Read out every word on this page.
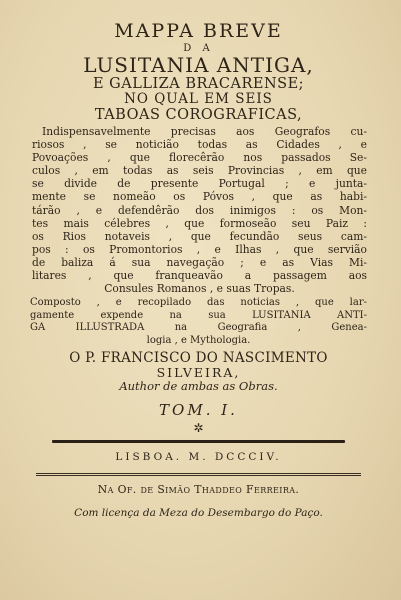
MAPPA BREVE
D A
LUSITANIA ANTIGA,
E GALLIZA BRACARENSE;
NO QUAL EM SEIS
TABOAS COROGRAFICAS,
Indispensavelmente precisas aos Geografos cu-
riosos , se noticião todas as Cidades , e
Povoações , que florecêrão nos passados Se-
culos , em todas as seis Provincias , em que
se divide de presente Portugal ; e junta-
mente se nomeão os Póvos , que as habi-
tárão , e defendêrão dos inimigos : os Mon-
tes mais célebres , que formoseão seu Paiz :
os Rios notaveis , que fecundão seus cam-
pos : os Promontorios , e Ilhas , que servião
de baliza á sua navegação ; e as Vias Mi-
litares , que franqueavão a passagem aos
Consules Romanos , e suas Tropas.
Composto , e recopilado das noticias , que lar-
gamente expende na sua LUSITANIA ANTI-
GA ILLUSTRADA na Geografia , Genea-
logia , e Mythologia.
O P. FRANCISCO DO NASCIMENTO
SILVEIRA,
Author de ambas as Obras.
TOM. I.
✲
LISBOA. M. DCCCIV.
Na Of. de Simão Thaddeo Ferreira.
Com licença da Meza do Desembargo do Paço.
